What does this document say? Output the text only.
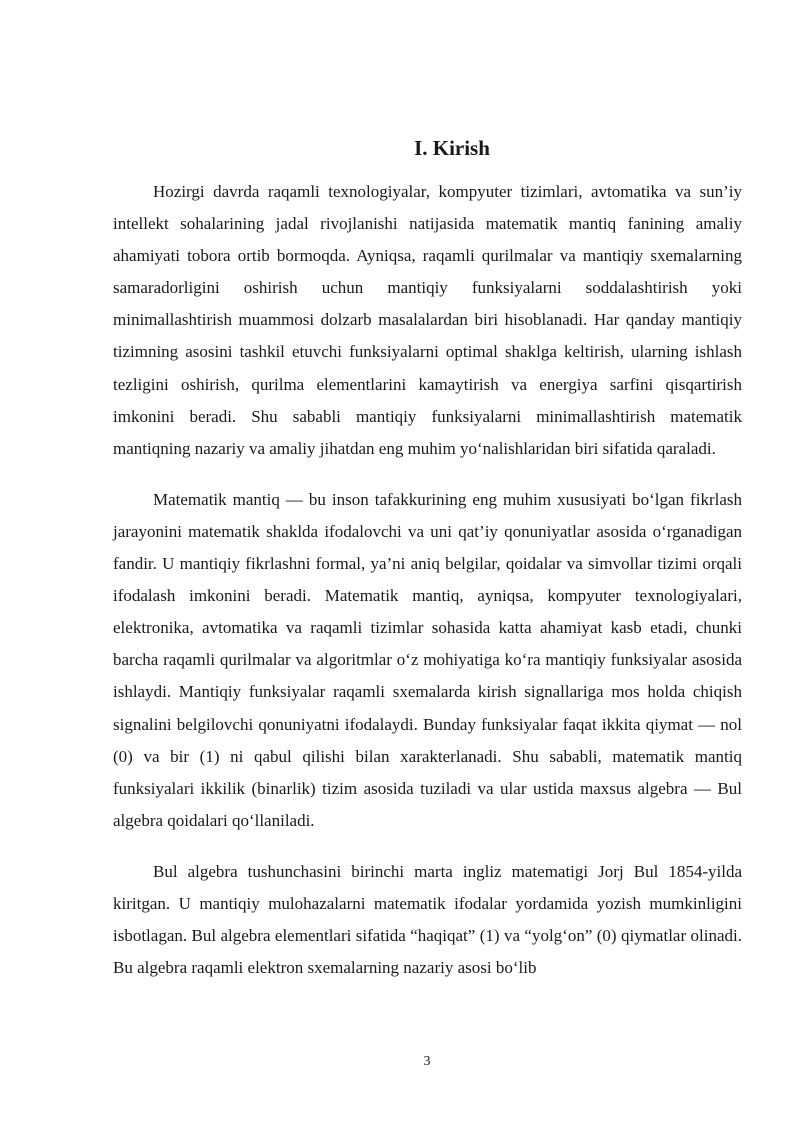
I. Kirish

Hozirgi davrda raqamli texnologiyalar, kompyuter tizimlari, avtomatika va sun’iy intellekt sohalarining jadal rivojlanishi natijasida matematik mantiq fanining amaliy ahamiyati tobora ortib bormoqda. Ayniqsa, raqamli qurilmalar va mantiqiy sxemalarning samaradorligini oshirish uchun mantiqiy funksiyalarni soddalashtirish yoki minimallashtirish muammosi dolzarb masalalardan biri hisoblanadi. Har qanday mantiqiy tizimning asosini tashkil etuvchi funksiyalarni optimal shaklga keltirish, ularning ishlash tezligini oshirish, qurilma elementlarini kamaytirish va energiya sarfini qisqartirish imkonini beradi. Shu sababli mantiqiy funksiyalarni minimallashtirish matematik mantiqning nazariy va amaliy jihatdan eng muhim yo‘nalishlaridan biri sifatida qaraladi.

Matematik mantiq — bu inson tafakkurining eng muhim xususiyati bo‘lgan fikrlash jarayonini matematik shaklda ifodalovchi va uni qat’iy qonuniyatlar asosida o‘rganadigan fandir. U mantiqiy fikrlashni formal, ya’ni aniq belgilar, qoidalar va simvollar tizimi orqali ifodalash imkonini beradi. Matematik mantiq, ayniqsa, kompyuter texnologiyalari, elektronika, avtomatika va raqamli tizimlar sohasida katta ahamiyat kasb etadi, chunki barcha raqamli qurilmalar va algoritmlar o‘z mohiyatiga ko‘ra mantiqiy funksiyalar asosida ishlaydi. Mantiqiy funksiyalar raqamli sxemalarda kirish signallariga mos holda chiqish signalini belgilovchi qonuniyatni ifodalaydi. Bunday funksiyalar faqat ikkita qiymat — nol (0) va bir (1) ni qabul qilishi bilan xarakterlanadi. Shu sababli, matematik mantiq funksiyalari ikkilik (binarlik) tizim asosida tuziladi va ular ustida maxsus algebra — Bul algebra qoidalari qo‘llaniladi.

Bul algebra tushunchasini birinchi marta ingliz matematigi Jorj Bul 1854-yilda kiritgan. U mantiqiy mulohazalarni matematik ifodalar yordamida yozish mumkinligini isbotlagan. Bul algebra elementlari sifatida “haqiqat” (1) va “yolg‘on” (0) qiymatlar olinadi. Bu algebra raqamli elektron sxemalarning nazariy asosi bo‘lib

3
